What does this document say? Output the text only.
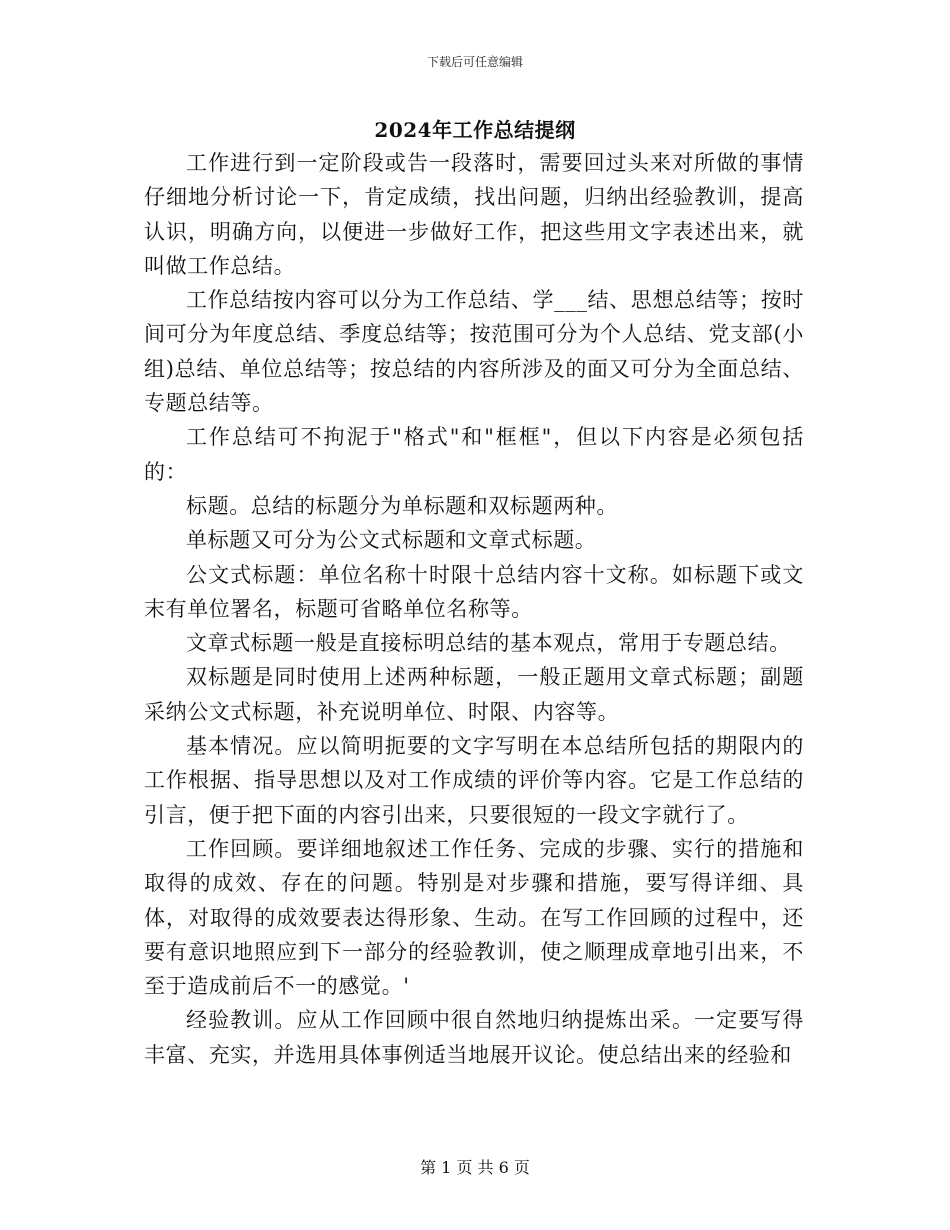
下载后可任意编辑
2024年工作总结提纲

工作进行到一定阶段或告一段落时，需要回过头来对所做的事情仔细地分析讨论一下，肯定成绩，找出问题，归纳出经验教训，提高认识，明确方向，以便进一步做好工作，把这些用文字表述出来，就叫做工作总结。

工作总结按内容可以分为工作总结、学___结、思想总结等；按时间可分为年度总结、季度总结等；按范围可分为个人总结、党支部(小组)总结、单位总结等；按总结的内容所涉及的面又可分为全面总结、专题总结等。

工作总结可不拘泥于"格式"和"框框"，但以下内容是必须包括的：

标题。总结的标题分为单标题和双标题两种。

单标题又可分为公文式标题和文章式标题。

公文式标题：单位名称十时限十总结内容十文称。如标题下或文末有单位署名，标题可省略单位名称等。

文章式标题一般是直接标明总结的基本观点，常用于专题总结。

双标题是同时使用上述两种标题，一般正题用文章式标题；副题采纳公文式标题，补充说明单位、时限、内容等。

基本情况。应以简明扼要的文字写明在本总结所包括的期限内的工作根据、指导思想以及对工作成绩的评价等内容。它是工作总结的引言，便于把下面的内容引出来，只要很短的一段文字就行了。

工作回顾。要详细地叙述工作任务、完成的步骤、实行的措施和取得的成效、存在的问题。特别是对步骤和措施，要写得详细、具体，对取得的成效要表达得形象、生动。在写工作回顾的过程中，还要有意识地照应到下一部分的经验教训，使之顺理成章地引出来，不至于造成前后不一的感觉。'

经验教训。应从工作回顾中很自然地归纳提炼出采。一定要写得丰富、充实，并选用具体事例适当地展开议论。使总结出来的经验和

第 1 页 共 6 页
